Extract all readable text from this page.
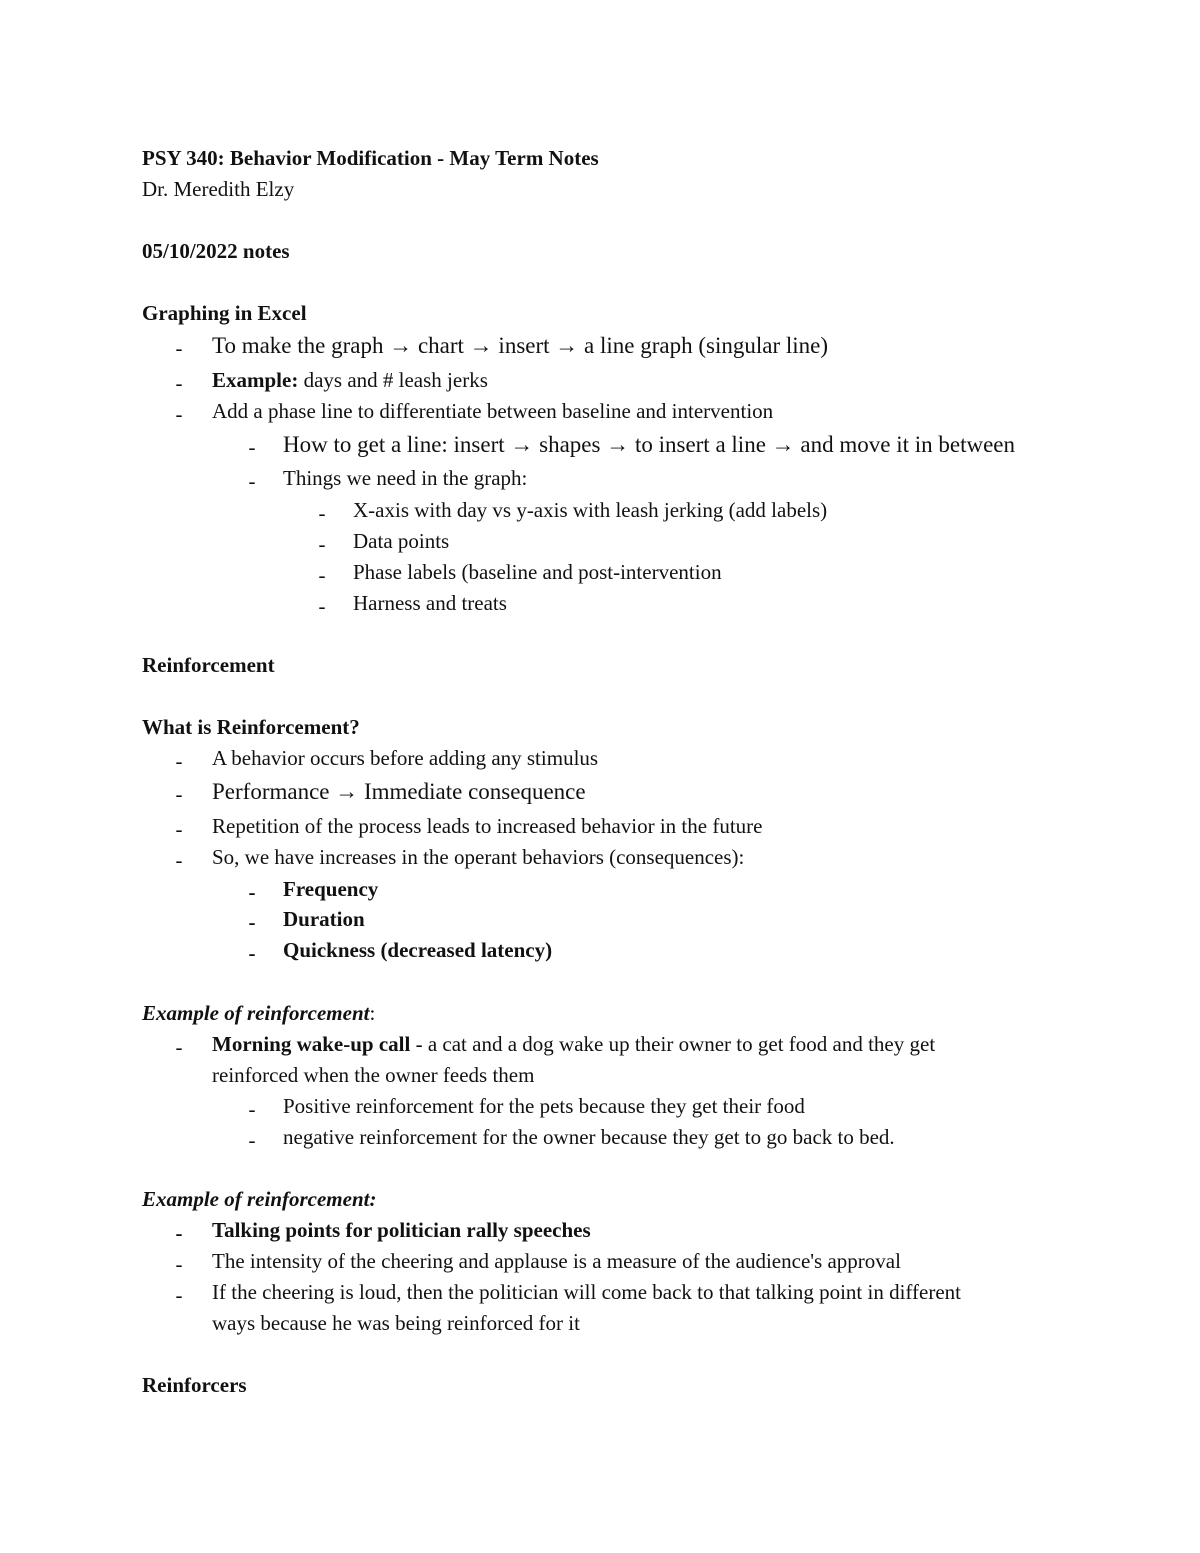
PSY 340: Behavior Modification - May Term Notes
Dr. Meredith Elzy
05/10/2022 notes
Graphing in Excel
- To make the graph → chart → insert → a line graph (singular line)
- Example: days and # leash jerks
- Add a phase line to differentiate between baseline and intervention
- How to get a line: insert → shapes → to insert a line → and move it in between
- Things we need in the graph:
- X-axis with day vs y-axis with leash jerking (add labels)
- Data points
- Phase labels (baseline and post-intervention
- Harness and treats
Reinforcement
What is Reinforcement?
- A behavior occurs before adding any stimulus
- Performance → Immediate consequence
- Repetition of the process leads to increased behavior in the future
- So, we have increases in the operant behaviors (consequences):
- Frequency
- Duration
- Quickness (decreased latency)
Example of reinforcement:
- Morning wake-up call - a cat and a dog wake up their owner to get food and they get
reinforced when the owner feeds them
- Positive reinforcement for the pets because they get their food
- negative reinforcement for the owner because they get to go back to bed.
Example of reinforcement:
- Talking points for politician rally speeches
- The intensity of the cheering and applause is a measure of the audience's approval
- If the cheering is loud, then the politician will come back to that talking point in different
ways because he was being reinforced for it
Reinforcers
